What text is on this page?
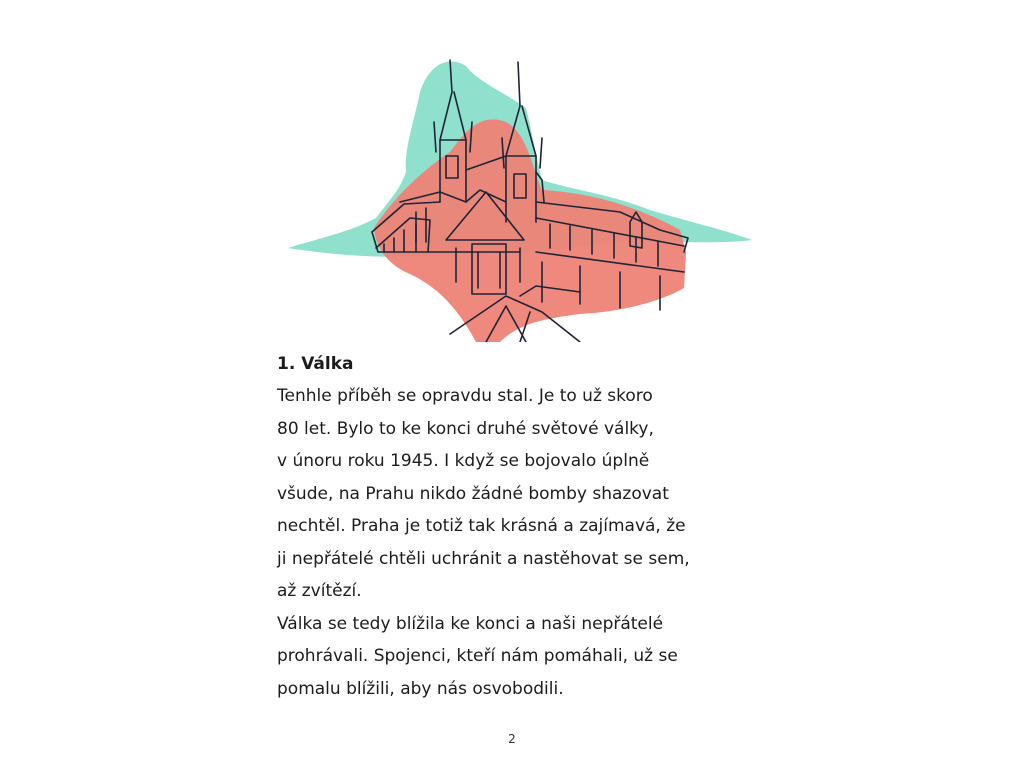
1. Válka

Tenhle příběh se opravdu stal. Je to už skoro

80 let. Bylo to ke konci druhé světové války,

v únoru roku 1945. I když se bojovalo úplně

všude, na Prahu nikdo žádné bomby shazovat

nechtěl. Praha je totiž tak krásná a zajímavá, že

ji nepřátelé chtěli uchránit a nastěhovat se sem,

až zvítězí.

Válka se tedy blížila ke konci a naši nepřátelé

prohrávali. Spojenci, kteří nám pomáhali, už se

pomalu blížili, aby nás osvobodili.

2
